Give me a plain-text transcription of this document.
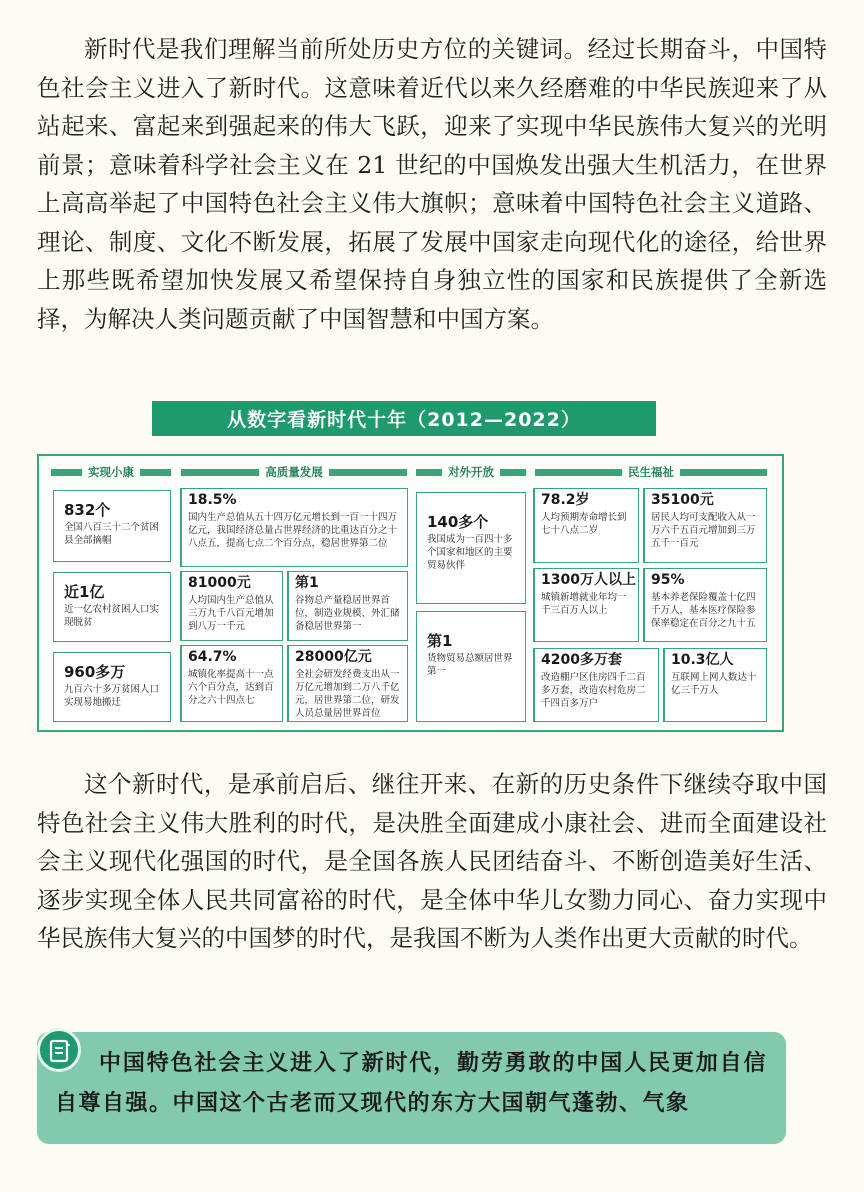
新时代是我们理解当前所处历史方位的关键词。经过长期奋斗，中国特色社会主义进入了新时代。这意味着近代以来久经磨难的中华民族迎来了从站起来、富起来到强起来的伟大飞跃，迎来了实现中华民族伟大复兴的光明前景；意味着科学社会主义在 21 世纪的中国焕发出强大生机活力，在世界上高高举起了中国特色社会主义伟大旗帜；意味着中国特色社会主义道路、理论、制度、文化不断发展，拓展了发展中国家走向现代化的途径，给世界上那些既希望加快发展又希望保持自身独立性的国家和民族提供了全新选择，为解决人类问题贡献了中国智慧和中国方案。

从数字看新时代十年（2012—2022）
实现小康	高质量发展	对外开放	民生福祉
832个
全国八百三十二个贫困县全部摘帽
近1亿
近一亿农村贫困人口实现脱贫
960多万
九百六十多万贫困人口实现易地搬迁
18.5%
国内生产总值从五十四万亿元增长到一百一十四万亿元，我国经济总量占世界经济的比重达百分之十八点五，提高七点二个百分点，稳居世界第二位
81000元
人均国内生产总值从三万九千八百元增加到八万一千元
第1
谷物总产量稳居世界首位，制造业规模、外汇储备稳居世界第一
64.7%
城镇化率提高十一点六个百分点，达到百分之六十四点七
28000亿元
全社会研发经费支出从一万亿元增加到二万八千亿元，居世界第二位，研发人员总量居世界首位
140多个
我国成为一百四十多个国家和地区的主要贸易伙伴
第1
货物贸易总额居世界第一
78.2岁
人均预期寿命增长到七十八点二岁
35100元
居民人均可支配收入从一万六千五百元增加到三万五千一百元
1300万人以上
城镇新增就业年均一千三百万人以上
95%
基本养老保险覆盖十亿四千万人，基本医疗保险参保率稳定在百分之九十五
4200多万套
改造棚户区住房四千二百多万套，改造农村危房二千四百多万户
10.3亿人
互联网上网人数达十亿三千万人

这个新时代，是承前启后、继往开来、在新的历史条件下继续夺取中国特色社会主义伟大胜利的时代，是决胜全面建成小康社会、进而全面建设社会主义现代化强国的时代，是全国各族人民团结奋斗、不断创造美好生活、逐步实现全体人民共同富裕的时代，是全体中华儿女勠力同心、奋力实现中华民族伟大复兴的中国梦的时代，是我国不断为人类作出更大贡献的时代。

中国特色社会主义进入了新时代，勤劳勇敢的中国人民更加自信自尊自强。中国这个古老而又现代的东方大国朝气蓬勃、气象
